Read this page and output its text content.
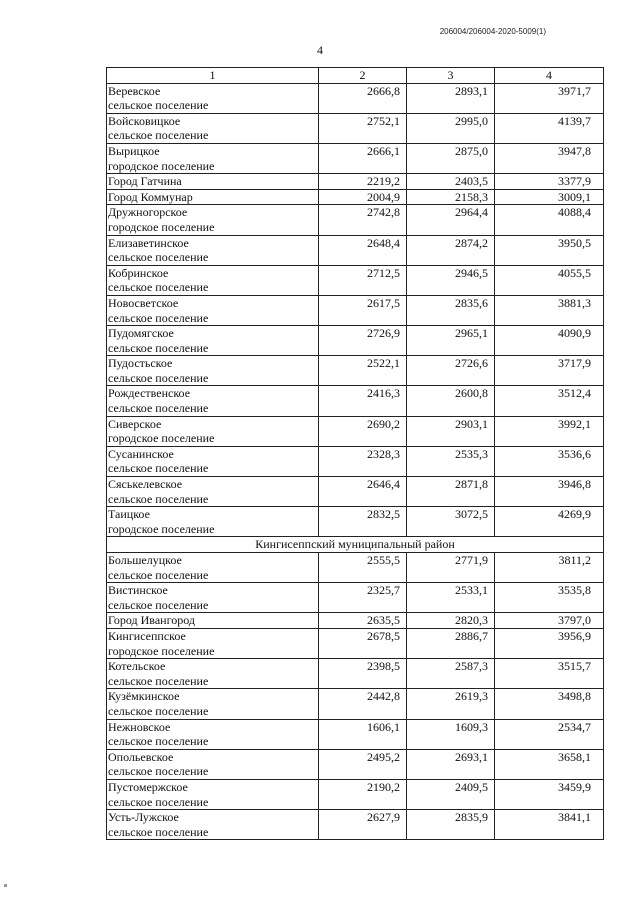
206004/206004-2020-5009(1)
4
1	2	3	4

Веревское
сельское поселение	2666,8	2893,1	3971,7

Войсковицкое
сельское поселение	2752,1	2995,0	4139,7

Вырицкое
городское поселение	2666,1	2875,0	3947,8

Город Гатчина	2219,2	2403,5	3377,9

Город Коммунар	2004,9	2158,3	3009,1

Дружногорское
городское поселение	2742,8	2964,4	4088,4

Елизаветинское
сельское поселение	2648,4	2874,2	3950,5

Кобринское
сельское поселение	2712,5	2946,5	4055,5

Новосветское
сельское поселение	2617,5	2835,6	3881,3

Пудомягское
сельское поселение	2726,9	2965,1	4090,9

Пудостьское
сельское поселение	2522,1	2726,6	3717,9

Рождественское
сельское поселение	2416,3	2600,8	3512,4

Сиверское
городское поселение	2690,2	2903,1	3992,1

Сусанинское
сельское поселение	2328,3	2535,3	3536,6

Сяськелевское
сельское поселение	2646,4	2871,8	3946,8

Таицкое
городское поселение	2832,5	3072,5	4269,9
Кингисеппский муниципальный район			

Большелуцкое
сельское поселение	2555,5	2771,9	3811,2

Вистинское
сельское поселение	2325,7	2533,1	3535,8

Город Ивангород	2635,5	2820,3	3797,0

Кингисеппское
городское поселение	2678,5	2886,7	3956,9

Котельское
сельское поселение	2398,5	2587,3	3515,7

Кузёмкинское
сельское поселение	2442,8	2619,3	3498,8

Нежновское
сельское поселение	1606,1	1609,3	2534,7

Опольевское
сельское поселение	2495,2	2693,1	3658,1

Пустомержское
сельское поселение	2190,2	2409,5	3459,9

Усть-Лужское
сельское поселение	2627,9	2835,9	3841,1
